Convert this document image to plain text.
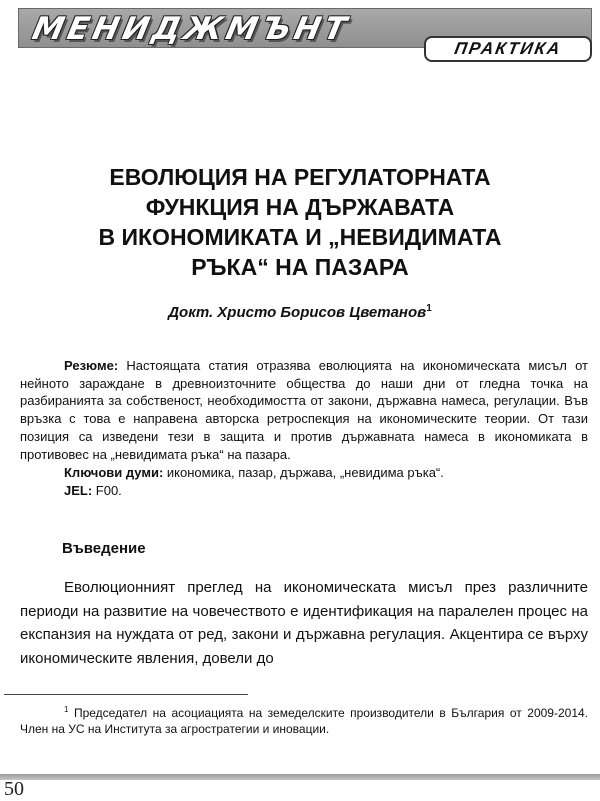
МЕНИДЖМЪНТ
ПРАКТИКА
ЕВОЛЮЦИЯ НА РЕГУЛАТОРНАТА
ФУНКЦИЯ НА ДЪРЖАВАТА
В ИКОНОМИКАТА И „НЕВИДИМАТА
РЪКА“ НА ПАЗАРА
Докт. Христо Борисов Цветанов$^1$

Резюме: Настоящата статия отразява еволюцията на икономическата мисъл от нейното зараждане в древноизточните общества до наши дни от гледна точка на разбиранията за собственост, необходимостта от закони, държавна намеса, регулации. Във връзка с това е направена авторска ретроспекция на икономическите теории. От тази позиция са изведени тези в защита и против държавната намеса в икономиката в противовес на „невидимата ръка“ на пазара.

Ключови думи: икономика, пазар, държава, „невидима ръка“.
JEL: F00.
Въведение

Еволюционният преглед на икономическата мисъл през различните периоди на развитие на човечеството е идентификация на паралелен процес на експанзия на нуждата от ред, закони и държавна регулация. Акцентира се върху икономическите явления, довели до

$^1$ Председател на асоциацията на земеделските производители в България от 2009-2014. Член на УС на Института за агростратегии и иновации.

50
